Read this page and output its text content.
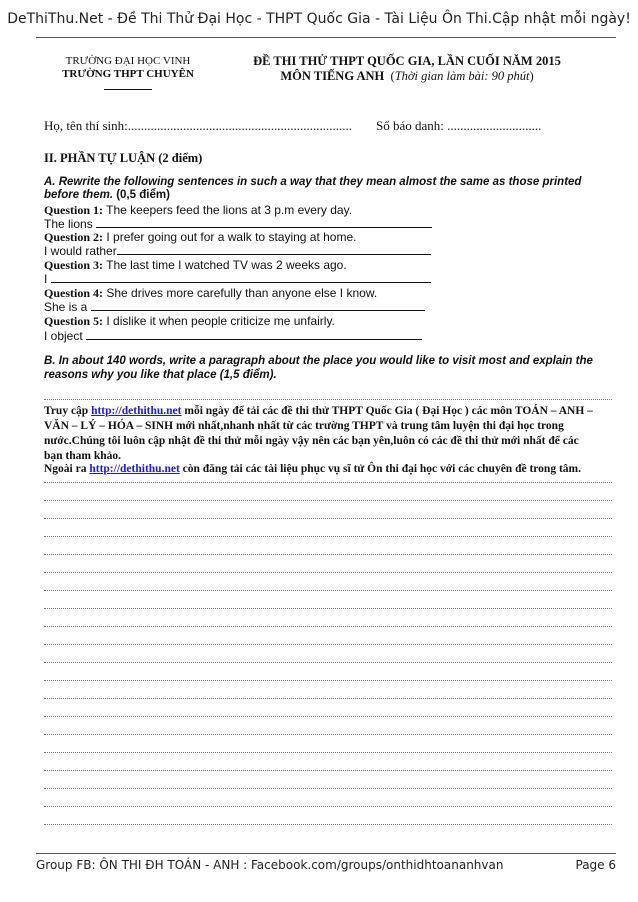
DeThiThu.Net - Đề Thi Thử Đại Học - THPT Quốc Gia - Tài Liệu Ôn Thi.Cập nhật mỗi ngày!
TRƯỜNG ĐẠI HỌC VINH
TRƯỜNG THPT CHUYÊN
ĐỀ THI THỬ THPT QUỐC GIA, LẦN CUỐI NĂM 2015
MÔN TIẾNG ANH (Thời gian làm bài: 90 phút)
Họ, tên thí sinh:..................................................................... Số báo danh: .............................
II. PHẦN TỰ LUẬN (2 điểm)
A. Rewrite the following sentences in such a way that they mean almost the same as those printed
before them. (0,5 điểm)
Question 1: The keepers feed the lions at 3 p.m every day.
The lions
Question 2: I prefer going out for a walk to staying at home.
I would rather
Question 3: The last time I watched TV was 2 weeks ago.
I
Question 4: She drives more carefully than anyone else I know.
She is a
Question 5: I dislike it when people criticize me unfairly.
I object
B. In about 140 words, write a paragraph about the place you would like to visit most and explain the
reasons why you like that place (1,5 điểm).
Truy cập http://dethithu.net mỗi ngày để tải các đề thi thử THPT Quốc Gia ( Đại Học ) các môn TOÁN – ANH –
VĂN – LÝ – HÓA – SINH mới nhất,nhanh nhất từ các trường THPT và trung tâm luyện thi đại học trong
nước.Chúng tôi luôn cập nhật đề thi thử mỗi ngày vậy nên các bạn yên,luôn có các đề thi thử mới nhất để các
bạn tham khảo.
Ngoài ra http://dethithu.net còn đăng tải các tài liệu phục vụ sĩ tử Ôn thi đại học với các chuyên đề trong tâm.
Group FB: ÔN THI ĐH TOÁN - ANH : Facebook.com/groups/onthidhtoananhvan	Page 6
